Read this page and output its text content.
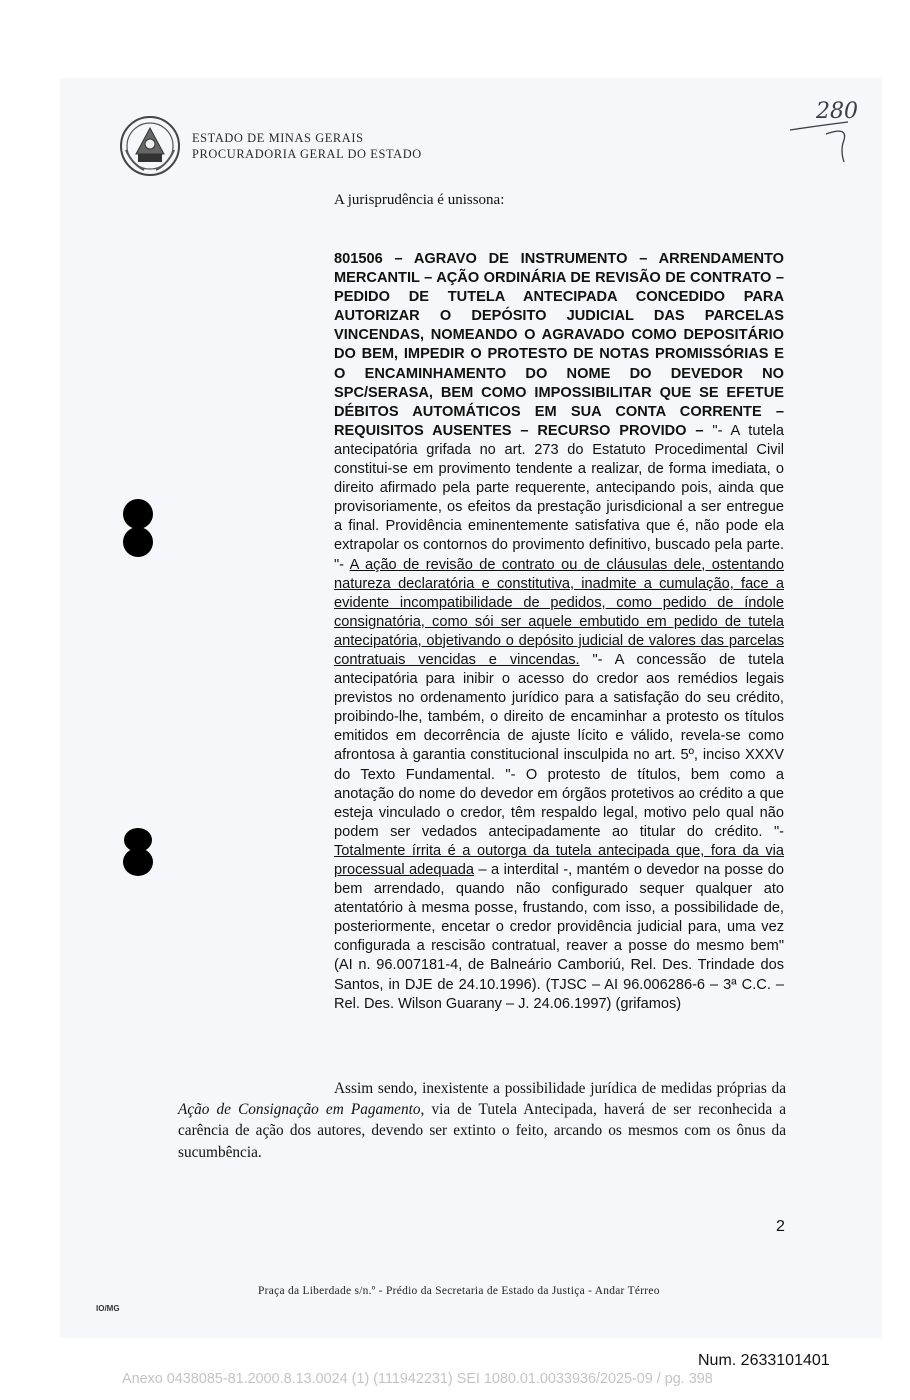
ESTADO DE MINAS GERAIS
PROCURADORIA GERAL DO ESTADO
280
A jurisprudência é unissona:
801506 – AGRAVO DE INSTRUMENTO – ARRENDAMENTO MERCANTIL – AÇÃO ORDINÁRIA DE REVISÃO DE CONTRATO – PEDIDO DE TUTELA ANTECIPADA CONCEDIDO PARA AUTORIZAR O DEPÓSITO JUDICIAL DAS PARCELAS VINCENDAS, NOMEANDO O AGRAVADO COMO DEPOSITÁRIO DO BEM, IMPEDIR O PROTESTO DE NOTAS PROMISSÓRIAS E O ENCAMINHAMENTO DO NOME DO DEVEDOR NO SPC/SERASA, BEM COMO IMPOSSIBILITAR QUE SE EFETUE DÉBITOS AUTOMÁTICOS EM SUA CONTA CORRENTE – REQUISITOS AUSENTES – RECURSO PROVIDO – "- A tutela antecipatória grifada no art. 273 do Estatuto Procedimental Civil constitui-se em provimento tendente a realizar, de forma imediata, o direito afirmado pela parte requerente, antecipando pois, ainda que provisoriamente, os efeitos da prestação jurisdicional a ser entregue a final. Providência eminentemente satisfativa que é, não pode ela extrapolar os contornos do provimento definitivo, buscado pela parte. "- A ação de revisão de contrato ou de cláusulas dele, ostentando natureza declaratória e constitutiva, inadmite a cumulação, face a evidente incompatibilidade de pedidos, como pedido de índole consignatória, como sói ser aquele embutido em pedido de tutela antecipatória, objetivando o depósito judicial de valores das parcelas contratuais vencidas e vincendas. "- A concessão de tutela antecipatória para inibir o acesso do credor aos remédios legais previstos no ordenamento jurídico para a satisfação do seu crédito, proibindo-lhe, também, o direito de encaminhar a protesto os títulos emitidos em decorrência de ajuste lícito e válido, revela-se como afrontosa à garantia constitucional insculpida no art. 5º, inciso XXXV do Texto Fundamental. "- O protesto de títulos, bem como a anotação do nome do devedor em órgãos protetivos ao crédito a que esteja vinculado o credor, têm respaldo legal, motivo pelo qual não podem ser vedados antecipadamente ao titular do crédito. "- Totalmente írrita é a outorga da tutela antecipada que, fora da via processual adequada – a interdital -, mantém o devedor na posse do bem arrendado, quando não configurado sequer qualquer ato atentatório à mesma posse, frustando, com isso, a possibilidade de, posteriormente, encetar o credor providência judicial para, uma vez configurada a rescisão contratual, reaver a posse do mesmo bem" (AI n. 96.007181-4, de Balneário Camboriú, Rel. Des. Trindade dos Santos, in DJE de 24.10.1996). (TJSC – AI 96.006286-6 – 3ª C.C. – Rel. Des. Wilson Guarany – J. 24.06.1997) (grifamos)
Assim sendo, inexistente a possibilidade jurídica de medidas próprias da Ação de Consignação em Pagamento, via de Tutela Antecipada, haverá de ser reconhecida a carência de ação dos autores, devendo ser extinto o feito, arcando os mesmos com os ônus da sucumbência.
2
Praça da Liberdade s/n.º - Prédio da Secretaria de Estado da Justiça - Andar Térreo
IO/MG
Num. 2633101401
Anexo 0438085-81.2000.8.13.0024 (1) (111942231) SEI 1080.01.0033936/2025-09 / pg. 398
